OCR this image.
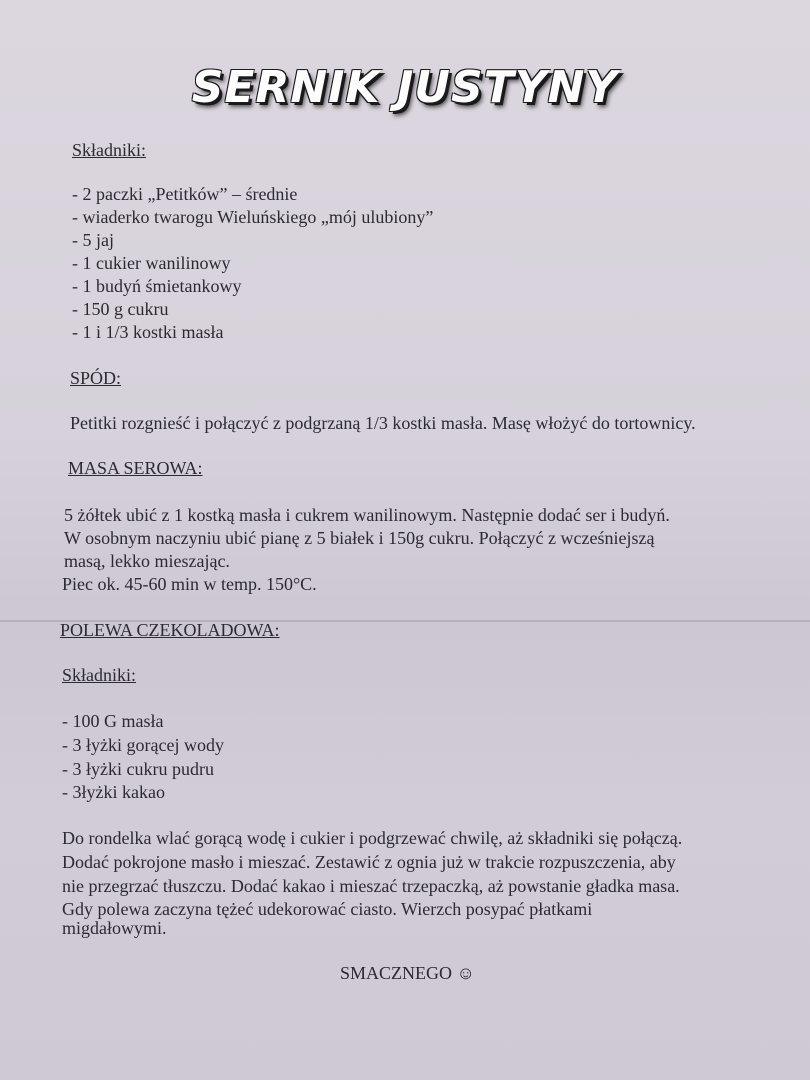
SERNIK JUSTYNY
Składniki:
- 2 paczki „Petitków” – średnie
- wiaderko twarogu Wieluńskiego „mój ulubiony”
- 5 jaj
- 1 cukier wanilinowy
- 1 budyń śmietankowy
- 150 g cukru
- 1 i 1/3 kostki masła
SPÓD:
Petitki rozgnieść i połączyć z podgrzaną 1/3 kostki masła. Masę włożyć do tortownicy.
MASA SEROWA:
5 żółtek ubić z 1 kostką masła i cukrem wanilinowym. Następnie dodać ser i budyń.
W osobnym naczyniu ubić pianę z 5 białek i 150g cukru. Połączyć z wcześniejszą
masą, lekko mieszając.
Piec ok. 45-60 min w temp. 150°C.
POLEWA CZEKOLADOWA:
Składniki:
- 100 G masła
- 3 łyżki gorącej wody
- 3 łyżki cukru pudru
- 3łyżki kakao
Do rondelka wlać gorącą wodę i cukier i podgrzewać chwilę, aż składniki się połączą.
Dodać pokrojone masło i mieszać. Zestawić z ognia już w trakcie rozpuszczenia, aby
nie przegrzać tłuszczu. Dodać kakao i mieszać trzepaczką, aż powstanie gładka masa.
Gdy polewa zaczyna tężeć udekorować ciasto. Wierzch posypać płatkami
migdałowymi.
SMACZNEGO ☺
